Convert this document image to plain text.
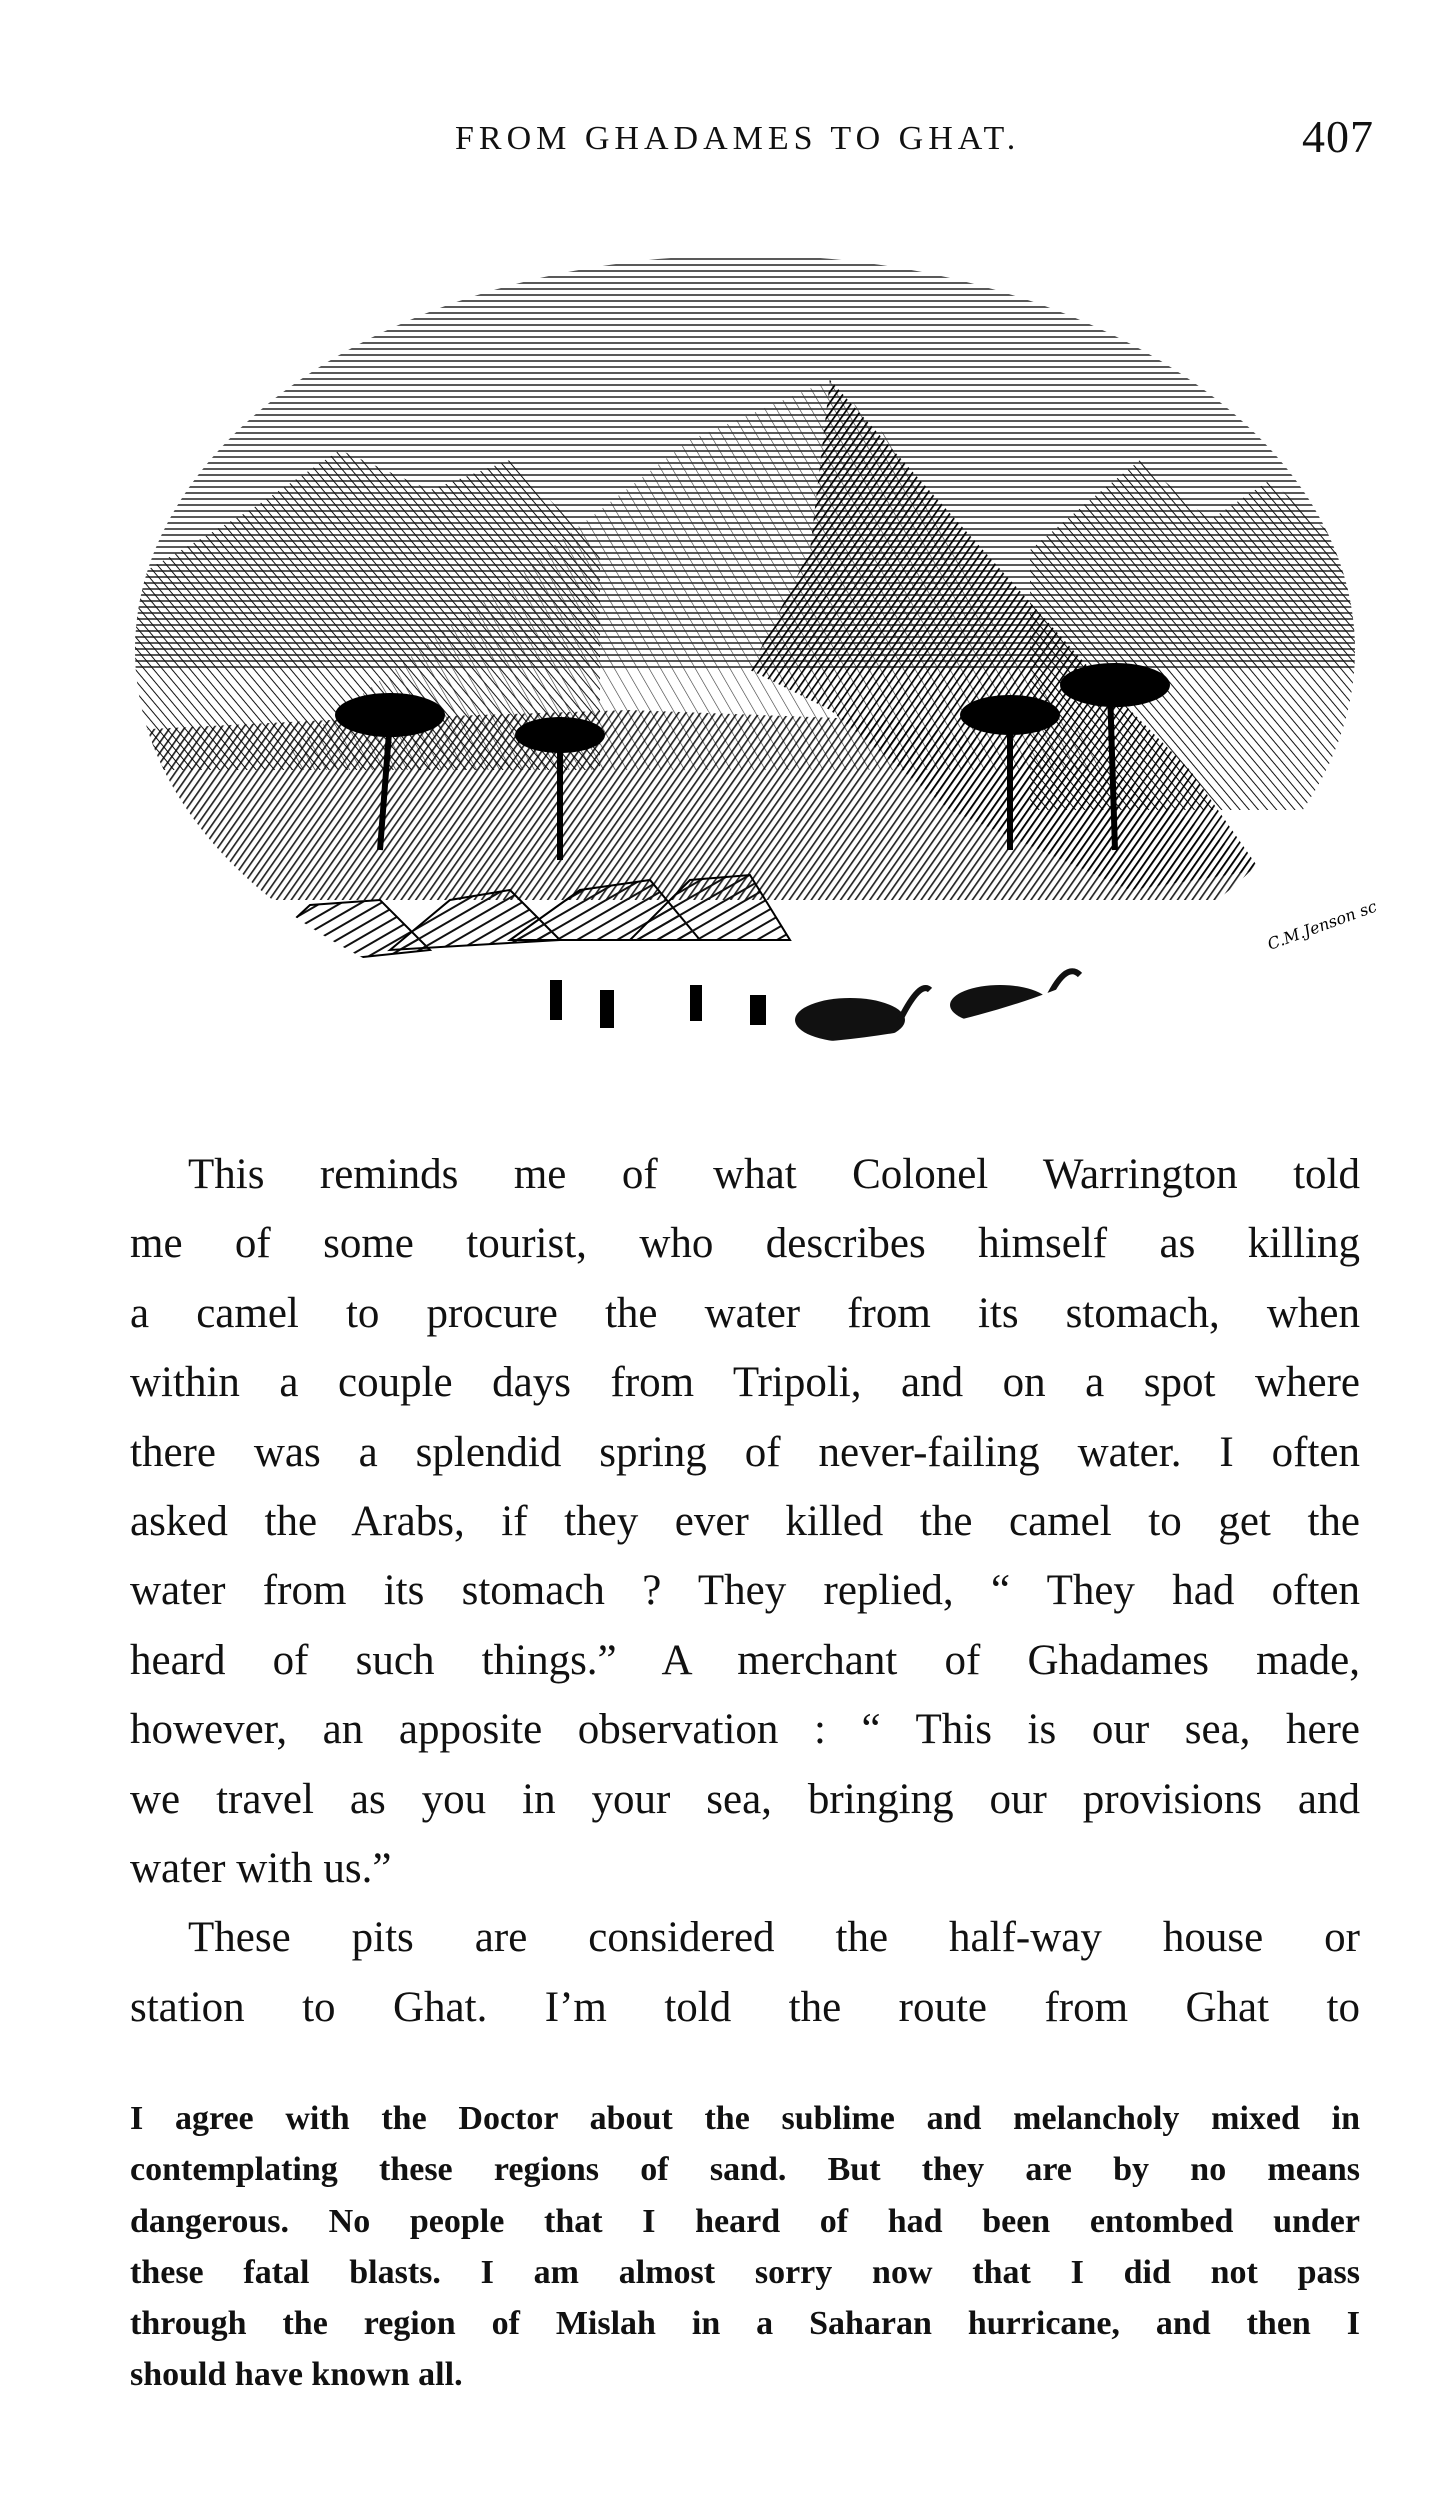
FROM GHADAMES TO GHAT.	407
C.M.Jenson sc

This reminds me of what Colonel Warrington told

me of some tourist, who describes himself as killing

a camel to procure the water from its stomach, when

within a couple days from Tripoli, and on a spot where

there was a splendid spring of never-failing water. I often

asked the Arabs, if they ever killed the camel to get the

water from its stomach ? They replied, “ They had often

heard of such things.” A merchant of Ghadames made,

however, an apposite observation : “ This is our sea, here

we travel as you in your sea, bringing our provisions and

water with us.”

These pits are considered the half-way house or

station to Ghat. I’m told the route from Ghat to

I agree with the Doctor about the sublime and melancholy mixed in

contemplating these regions of sand. But they are by no means

dangerous. No people that I heard of had been entombed under

these fatal blasts. I am almost sorry now that I did not pass

through the region of Mislah in a Saharan hurricane, and then I

should have known all.
